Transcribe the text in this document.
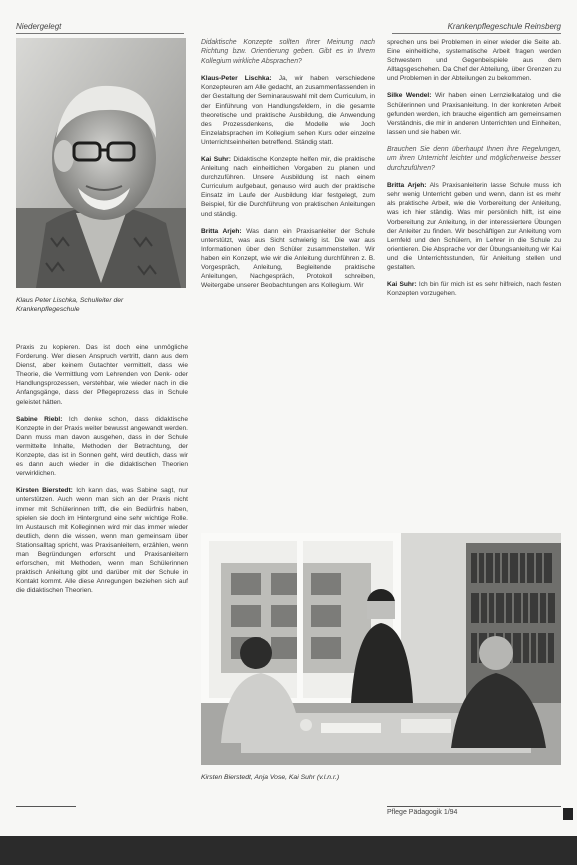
Niedergelegt	Krankenpflegeschule Reinsberg
Klaus Peter Lischka, Schulleiter der Krankenpflegeschule

Praxis zu kopieren. Das ist doch eine unmögliche Forderung. Wer diesen Anspruch vertritt, dann aus dem Dienst, aber keinem Gutachter vermittelt, dass wie Theorie, die Vermittlung vom Lehrenden von Denk- oder Handlungsprozessen, verstehbar, wie wieder nach in die Anfangsgänge, dass der Pflegeprozess das in Schule geleistet hätten.

Sabine Riebl: Ich denke schon, dass didaktische Konzepte in der Praxis weiter bewusst angewandt werden. Dann muss man davon ausgehen, dass in der Schule vermittelte Inhalte, Methoden der Betrachtung, der Konzepte, das ist in Sonnen geht, wird deutlich, dass wir es dann auch wieder in die didaktischen Theorien verwirklichen.

Kirsten Bierstedt: Ich kann das, was Sabine sagt, nur unterstützen. Auch wenn man sich an der Praxis nicht immer mit Schülerinnen trifft, die ein Bedürfnis haben, spielen sie doch im Hintergrund eine sehr wichtige Rolle. Im Austausch mit Kolleginnen wird mir das immer wieder deutlich, denn die wissen, wenn man gemeinsam über Stationsalltag spricht, was Praxisanleitern, erzählen, wenn man Begründungen erforscht und Praxisanleitern erforschen, mit Methoden, wenn man Schülerinnen praktisch Anleitung gibt und darüber mit der Schule in Kontakt kommt. Alle diese Anregungen beziehen sich auf die didaktischen Theorien.

Didaktische Konzepte sollten Ihrer Meinung nach Richtung bzw. Orientierung geben. Gibt es in Ihrem Kollegium wirkliche Absprachen?

Klaus-Peter Lischka: Ja, wir haben verschiedene Konzepteuren am Alle gedacht, an zusammenfassenden in der Gestaltung der Seminarauswahl mit dem Curriculum, in der Einführung von Handlungsfeldern, in die gesamte theoretische und praktische Ausbildung, die Anwendung des Prozessdenkens, die Modelle wie Joch Einzelabsprachen im Kollegium sehen Kurs oder einzelne Unterrichtseinheiten betreffend. Ständig statt.

Kai Suhr: Didaktische Konzepte helfen mir, die praktische Anleitung nach einheitlichen Vorgaben zu planen und durchzuführen. Unsere Ausbildung ist nach einem Curriculum aufgebaut, genauso wird auch der praktische Einsatz im Laufe der Ausbildung klar festgelegt, zum Beispiel, für die Durchführung von praktischen Anleitungen und ständig.

Britta Arjeh: Was dann ein Praxisanleiter der Schule unterstützt, was aus Sicht schwierig ist. Die war aus Informationen über den Schüler zusammenstellen. Wir haben ein Konzept, wie wir die Anleitung durchführen z. B. Vorgespräch, Anleitung, Begleitende praktische Anleitungen, Nachgespräch, Protokoll schreiben, Weitergabe unserer Beobachtungen ans Kollegium. Wir

sprechen uns bei Problemen in einer wieder die Seite ab. Eine einheitliche, systematische Arbeit fragen werden Schwestern und Gegenbeispiele aus dem Alltagsgeschehen. Da Chef der Abteilung, über Grenzen zu und Problemen in der Abteilungen zu bekommen.

Silke Wendel: Wir haben einen Lernzielkatalog und die Schülerinnen und Praxisanleitung. In der konkreten Arbeit gefunden werden, ich brauche eigentlich am gemeinsamen Verständnis, die mir in anderen Unterrichten und Einheiten, lassen und sie haben wir.

Brauchen Sie denn überhaupt Ihnen ihre Regelungen, um ihren Unterricht leichter und möglicherweise besser durchzuführen?

Britta Arjeh: Als Praxisanleiterin lasse Schule muss ich sehr wenig Unterricht geben und wenn, dann ist es mehr als praktische Arbeit, wie die Vorbereitung der Anleitung, was ich hier ständig. Was mir persönlich hilft, ist eine Vorbereitung zur Anleitung, in der interessiertere Übungen der Anleiter zu finden. Wir beschäftigen zur Anleitung vom Lernfeld und den Schülern, im Lehrer in die Schule zu orientieren. Die Absprache vor der Übungsanleitung wir Kai und die Unterrichtsstunden, für Anleitung stellen und gestalten.

Kai Suhr: Ich bin für mich ist es sehr hilfreich, nach festen Konzepten vorzugehen.

Kirsten Bierstedt, Anja Vose, Kai Suhr (v.l.n.r.)
Pflege Pädagogik 1/94
